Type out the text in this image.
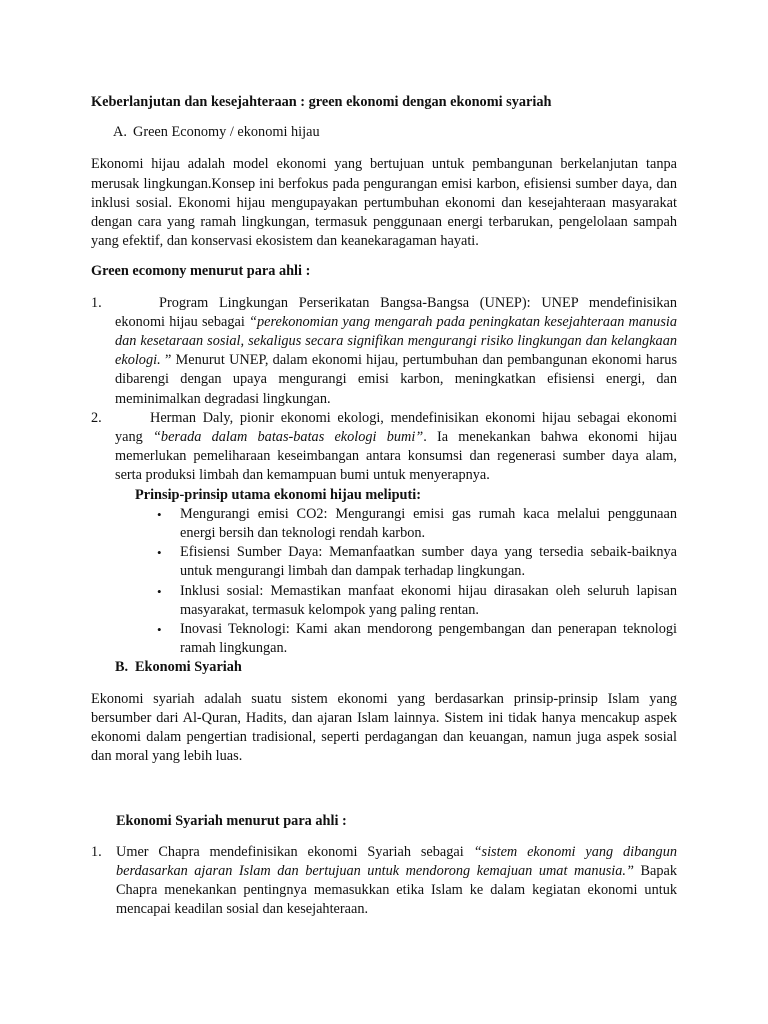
Keberlanjutan dan kesejahteraan : green ekonomi dengan ekonomi syariah

A. Green Economy / ekonomi hijau

Ekonomi hijau adalah model ekonomi yang bertujuan untuk pembangunan berkelanjutan tanpa merusak lingkungan.Konsep ini berfokus pada pengurangan emisi karbon, efisiensi sumber daya, dan inklusi sosial. Ekonomi hijau mengupayakan pertumbuhan ekonomi dan kesejahteraan masyarakat dengan cara yang ramah lingkungan, termasuk penggunaan energi terbarukan, pengelolaan sampah yang efektif, dan konservasi ekosistem dan keanekaragaman hayati.

Green ecomony menurut para ahli :

1.	Program Lingkungan Perserikatan Bangsa-Bangsa (UNEP): UNEP mendefinisikan ekonomi hijau sebagai “perekonomian yang mengarah pada peningkatan kesejahteraan manusia dan kesetaraan sosial, sekaligus secara signifikan mengurangi risiko lingkungan dan kelangkaan ekologi. ” Menurut UNEP, dalam ekonomi hijau, pertumbuhan dan pembangunan ekonomi harus dibarengi dengan upaya mengurangi emisi karbon, meningkatkan efisiensi energi, dan meminimalkan degradasi lingkungan.
2.	Herman Daly, pionir ekonomi ekologi, mendefinisikan ekonomi hijau sebagai ekonomi yang “berada dalam batas-batas ekologi bumi”. Ia menekankan bahwa ekonomi hijau memerlukan pemeliharaan keseimbangan antara konsumsi dan regenerasi sumber daya alam, serta produksi limbah dan kemampuan bumi untuk menyerapnya.

Prinsip-prinsip utama ekonomi hijau meliputi:

• Mengurangi emisi CO2: Mengurangi emisi gas rumah kaca melalui penggunaan energi bersih dan teknologi rendah karbon.
• Efisiensi Sumber Daya: Memanfaatkan sumber daya yang tersedia sebaik-baiknya untuk mengurangi limbah dan dampak terhadap lingkungan.
• Inklusi sosial: Memastikan manfaat ekonomi hijau dirasakan oleh seluruh lapisan masyarakat, termasuk kelompok yang paling rentan.
• Inovasi Teknologi: Kami akan mendorong pengembangan dan penerapan teknologi ramah lingkungan.

B. Ekonomi Syariah

Ekonomi syariah adalah suatu sistem ekonomi yang berdasarkan prinsip-prinsip Islam yang bersumber dari Al-Quran, Hadits, dan ajaran Islam lainnya. Sistem ini tidak hanya mencakup aspek ekonomi dalam pengertian tradisional, seperti perdagangan dan keuangan, namun juga aspek sosial dan moral yang lebih luas.

Ekonomi Syariah menurut para ahli :

1. Umer Chapra mendefinisikan ekonomi Syariah sebagai “sistem ekonomi yang dibangun berdasarkan ajaran Islam dan bertujuan untuk mendorong kemajuan umat manusia.” Bapak Chapra menekankan pentingnya memasukkan etika Islam ke dalam kegiatan ekonomi untuk mencapai keadilan sosial dan kesejahteraan.
